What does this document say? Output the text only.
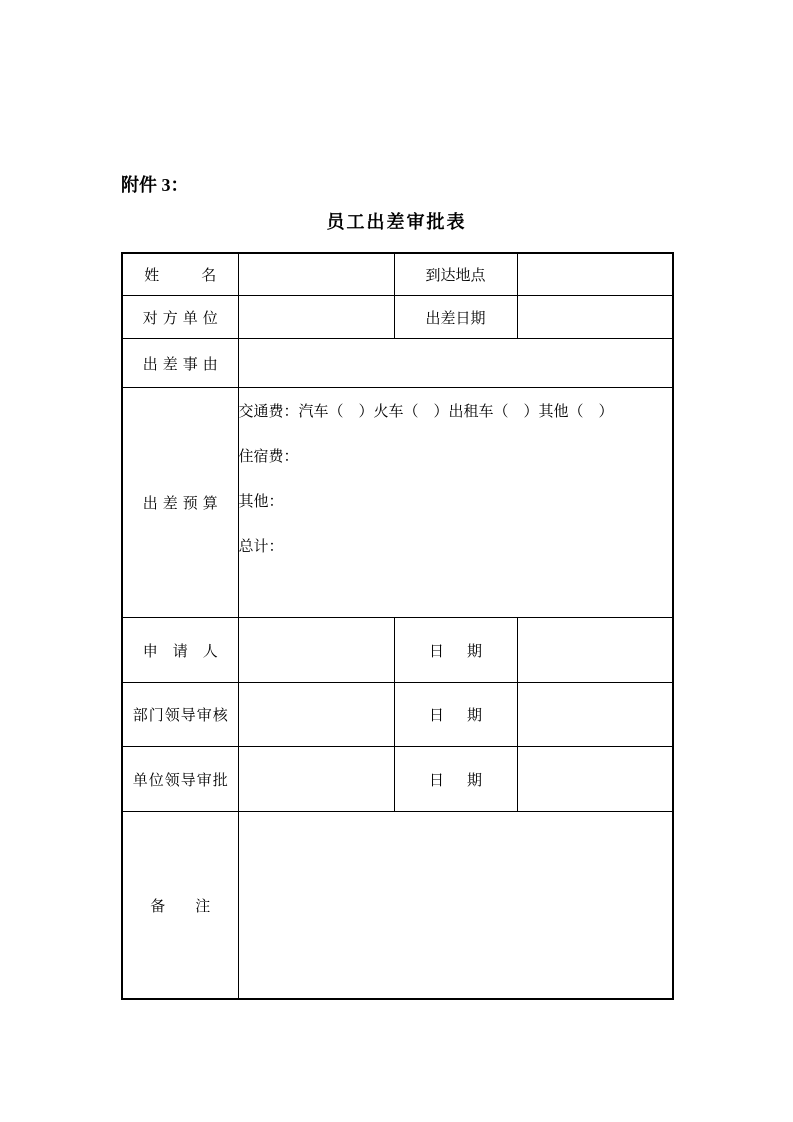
附件 3：
员工出差审批表
姓　　名		到达地点	
对方单位		出差日期	
出差事由			
出差预算	交通费：汽车（　）火车（　）出租车（　）其他（　）
住宿费：
其他：
总计：		

申　请　人		日　期	
部门领导审核		日　期	
单位领导审批		日　期	
备　　注			
